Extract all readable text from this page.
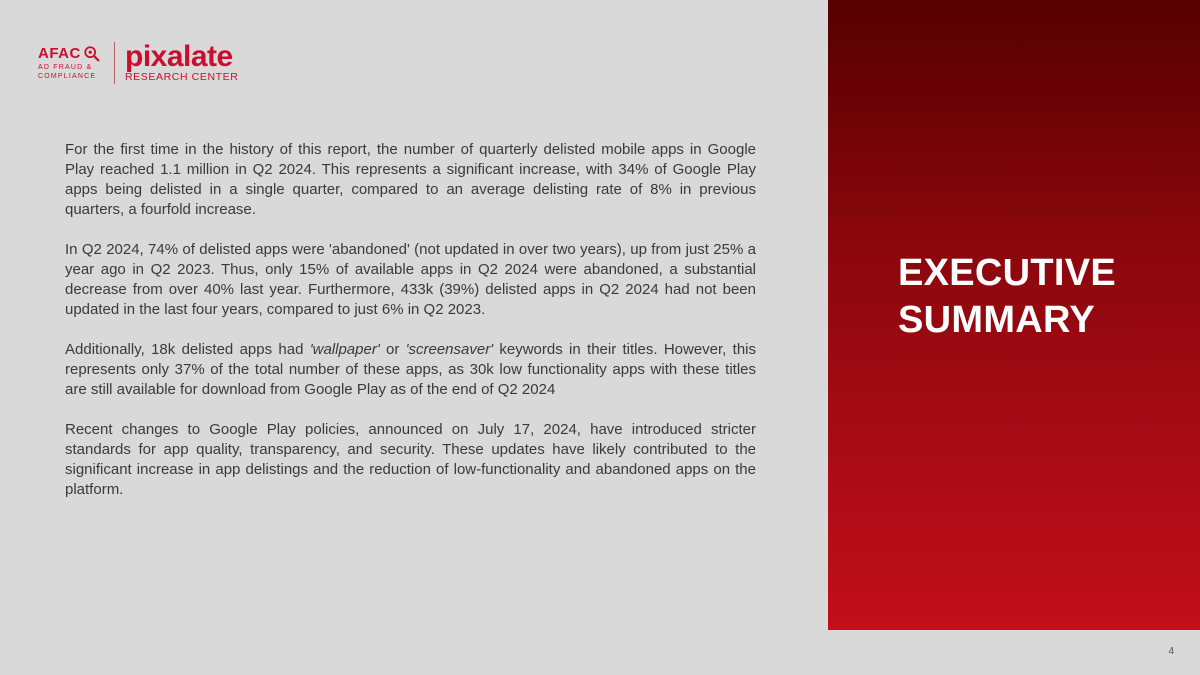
AFAC
AD FRAUD &
COMPLIANCE
pixalate
RESEARCH CENTER

For the first time in the history of this report, the number of quarterly delisted mobile apps in Google Play reached 1.1 million in Q2 2024. This represents a significant increase, with 34% of Google Play apps being delisted in a single quarter, compared to an average delisting rate of 8% in previous quarters, a fourfold increase.

In Q2 2024, 74% of delisted apps were 'abandoned' (not updated in over two years), up from just 25% a year ago in Q2 2023. Thus, only 15% of available apps in Q2 2024 were abandoned, a substantial decrease from over 40% last year. Furthermore, 433k (39%) delisted apps in Q2 2024 had not been updated in the last four years, compared to just 6% in Q2 2023.

Additionally, 18k delisted apps had 'wallpaper' or 'screensaver' keywords in their titles. However, this represents only 37% of the total number of these apps, as 30k low functionality apps with these titles are still available for download from Google Play as of the end of Q2 2024

Recent changes to Google Play policies, announced on July 17, 2024, have introduced stricter standards for app quality, transparency, and security. These updates have likely contributed to the significant increase in app delistings and the reduction of low-functionality and abandoned apps on the platform.

EXECUTIVE
SUMMARY
4
